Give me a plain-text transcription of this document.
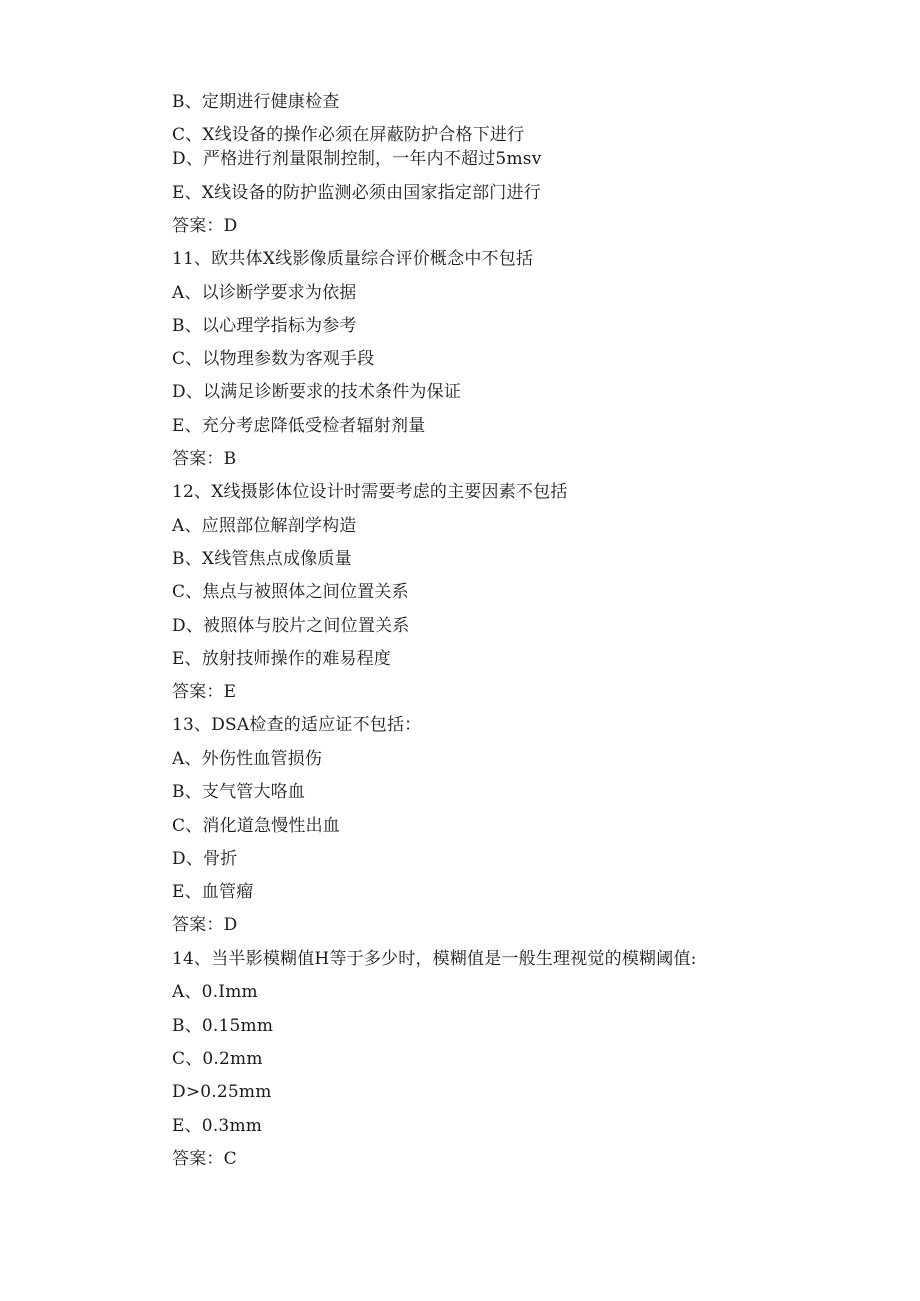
B、定期进行健康检查
C、X线设备的操作必须在屏蔽防护合格下进行
D、严格进行剂量限制控制，一年内不超过5msv
E、X线设备的防护监测必须由国家指定部门进行
答案：D
11、欧共体X线影像质量综合评价概念中不包括
A、以诊断学要求为依据
B、以心理学指标为参考
C、以物理参数为客观手段
D、以满足诊断要求的技术条件为保证
E、充分考虑降低受检者辐射剂量
答案：B
12、X线摄影体位设计时需要考虑的主要因素不包括
A、应照部位解剖学构造
B、X线管焦点成像质量
C、焦点与被照体之间位置关系
D、被照体与胶片之间位置关系
E、放射技师操作的难易程度
答案：E
13、DSA检查的适应证不包括：
A、外伤性血管损伤
B、支气管大咯血
C、消化道急慢性出血
D、骨折
E、血管瘤
答案：D
14、当半影模糊值H等于多少时，模糊值是一般生理视觉的模糊阈值:
A、0.Imm
B、0.15mm
C、0.2mm
D>0.25mm
E、0.3mm
答案：C
